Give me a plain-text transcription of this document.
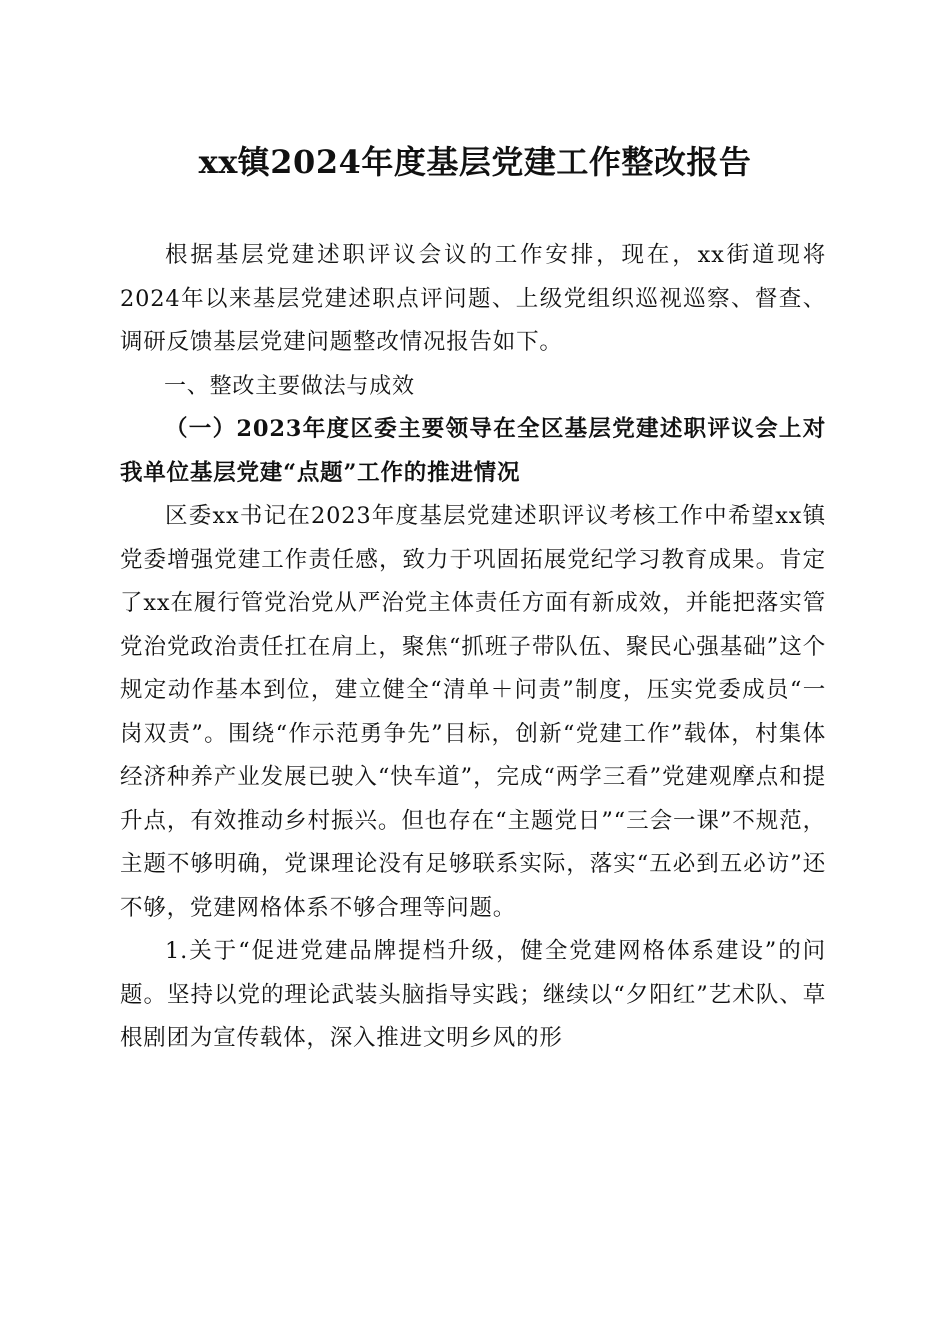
xx镇2024年度基层党建工作整改报告

根据基层党建述职评议会议的工作安排，现在，xx街道现将2024年以来基层党建述职点评问题、上级党组织巡视巡察、督查、调研反馈基层党建问题整改情况报告如下。

一、整改主要做法与成效

（一）2023年度区委主要领导在全区基层党建述职评议会上对我单位基层党建“点题”工作的推进情况

区委xx书记在2023年度基层党建述职评议考核工作中希望xx镇党委增强党建工作责任感，致力于巩固拓展党纪学习教育成果。肯定了xx在履行管党治党从严治党主体责任方面有新成效，并能把落实管党治党政治责任扛在肩上，聚焦“抓班子带队伍、聚民心强基础”这个规定动作基本到位，建立健全“清单＋问责”制度，压实党委成员“一岗双责”。围绕“作示范勇争先”目标，创新“党建工作”载体，村集体经济种养产业发展已驶入“快车道”，完成“两学三看”党建观摩点和提升点，有效推动乡村振兴。但也存在“主题党日”“三会一课”不规范，主题不够明确，党课理论没有足够联系实际，落实“五必到五必访”还不够，党建网格体系不够合理等问题。

1.关于“促进党建品牌提档升级，健全党建网格体系建设”的问题。坚持以党的理论武装头脑指导实践；继续以“夕阳红”艺术队、草根剧团为宣传载体，深入推进文明乡风的形
